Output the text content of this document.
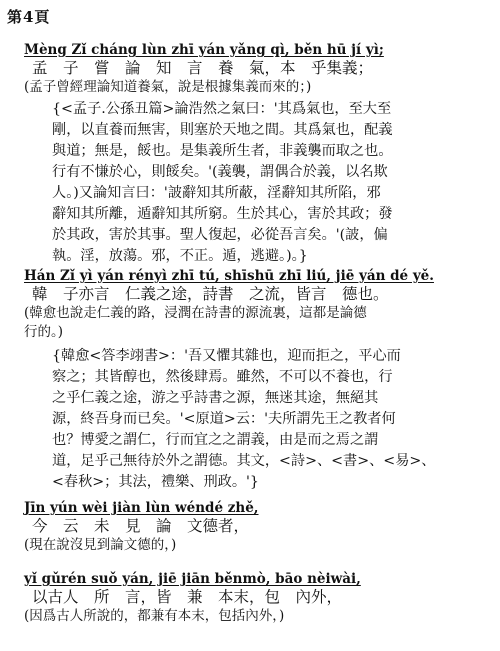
第4頁
Mèng Zǐ cháng lùn zhī yán yǎng qì, běn hū jí yì;
孟　子　嘗　論　知　言　養　氣，本　乎集義；
(孟子曾經理論知道養氣，說是根據集義而來的；)
{<孟子.公孫丑篇>論浩然之氣曰：'其爲氣也，至大至
剛，以直養而無害，則塞於天地之間。其爲氣也，配義
與道；無是，餒也。是集義所生者，非義襲而取之也。
行有不慊於心，則餒矣。'(義襲，謂偶合於義，以名欺
人。)又論知言曰：'詖辭知其所蔽，淫辭知其所陷，邪
辭知其所離，遁辭知其所窮。生於其心，害於其政；發
於其政，害於其事。聖人復起，必從吾言矣。'(詖，偏
執。淫，放蕩。邪，不正。遁，逃避。)。}
Hán Zǐ yì yán rényì zhī tú, shīshū zhī liú, jiē yán dé yě.
韓　子亦言　仁義之途，詩書　之流，皆言　德也。
(韓愈也說走仁義的路，浸潤在詩書的源流裏，這都是論德
行的。)
{韓愈<答李翊書>：'吾又懼其雜也，迎而拒之，平心而
察之；其皆醇也，然後肆焉。雖然，不可以不養也，行
之乎仁義之途，游之乎詩書之源，無迷其途，無絕其
源，終吾身而已矣。'<原道>云：'夫所謂先王之教者何
也？博愛之謂仁，行而宜之之謂義，由是而之焉之謂
道，足乎己無待於外之謂德。其文，<詩>、<書>、<易>、
<春秋>；其法，禮樂、刑政。'}
Jīn yún wèi jiàn lùn wéndé zhě,
今　云　未　見　論　文德者，
(現在說沒見到論文德的，)
yǐ gǔrén suǒ yán, jiē jiān běnmò, bāo nèiwài,
以古人　所　言，皆　兼　本末，包　內外，
(因爲古人所說的，都兼有本末，包括內外，)
